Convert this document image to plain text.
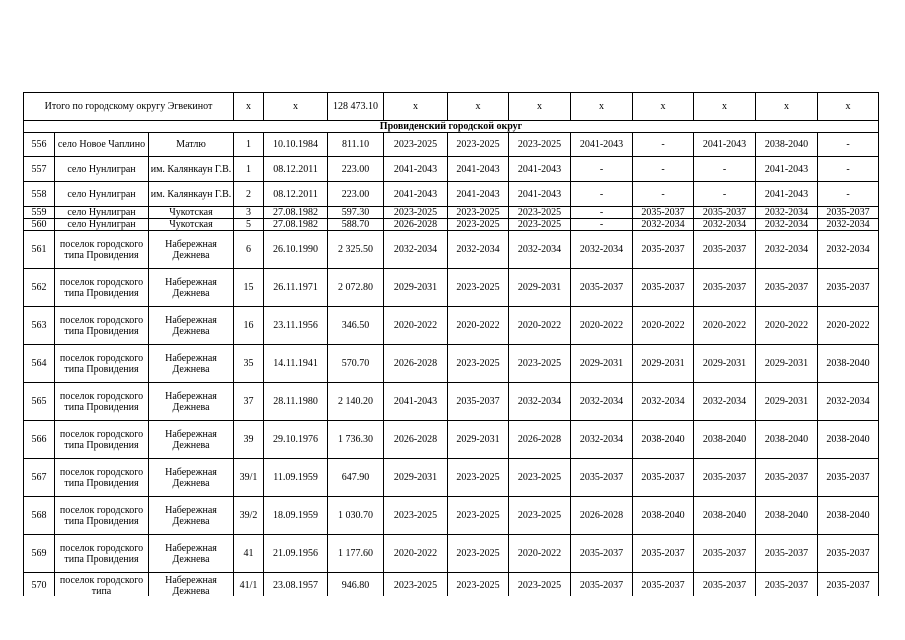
Итого по городскому округу Эгвекинот			x	x	128 473.10	x	x	x	x	x	x	x	x
Провиденский городской округ													
556	село Новое Чаплино	Матлю	1	10.10.1984	811.10	2023-2025	2023-2025	2023-2025	2041-2043	-	2041-2043	2038-2040	-
557	село Нунлигран	им. Калянкаун Г.В.	1	08.12.2011	223.00	2041-2043	2041-2043	2041-2043	-	-	-	2041-2043	-
558	село Нунлигран	им. Калянкаун Г.В.	2	08.12.2011	223.00	2041-2043	2041-2043	2041-2043	-	-	-	2041-2043	-
559	село Нунлигран	Чукотская	3	27.08.1982	597.30	2023-2025	2023-2025	2023-2025	-	2035-2037	2035-2037	2032-2034	2035-2037
560	село Нунлигран	Чукотская	5	27.08.1982	588.70	2026-2028	2023-2025	2023-2025	-	2032-2034	2032-2034	2032-2034	2032-2034
561	поселок городского типа Провидения	Набережная Дежнева	6	26.10.1990	2 325.50	2032-2034	2032-2034	2032-2034	2032-2034	2035-2037	2035-2037	2032-2034	2032-2034
562	поселок городского типа Провидения	Набережная Дежнева	15	26.11.1971	2 072.80	2029-2031	2023-2025	2029-2031	2035-2037	2035-2037	2035-2037	2035-2037	2035-2037
563	поселок городского типа Провидения	Набережная Дежнева	16	23.11.1956	346.50	2020-2022	2020-2022	2020-2022	2020-2022	2020-2022	2020-2022	2020-2022	2020-2022
564	поселок городского типа Провидения	Набережная Дежнева	35	14.11.1941	570.70	2026-2028	2023-2025	2023-2025	2029-2031	2029-2031	2029-2031	2029-2031	2038-2040
565	поселок городского типа Провидения	Набережная Дежнева	37	28.11.1980	2 140.20	2041-2043	2035-2037	2032-2034	2032-2034	2032-2034	2032-2034	2029-2031	2032-2034
566	поселок городского типа Провидения	Набережная Дежнева	39	29.10.1976	1 736.30	2026-2028	2029-2031	2026-2028	2032-2034	2038-2040	2038-2040	2038-2040	2038-2040
567	поселок городского типа Провидения	Набережная Дежнева	39/1	11.09.1959	647.90	2029-2031	2023-2025	2023-2025	2035-2037	2035-2037	2035-2037	2035-2037	2035-2037
568	поселок городского типа Провидения	Набережная Дежнева	39/2	18.09.1959	1 030.70	2023-2025	2023-2025	2023-2025	2026-2028	2038-2040	2038-2040	2038-2040	2038-2040
569	поселок городского типа Провидения	Набережная Дежнева	41	21.09.1956	1 177.60	2020-2022	2023-2025	2020-2022	2035-2037	2035-2037	2035-2037	2035-2037	2035-2037
570	поселок городского типа	Набережная Дежнева	41/1	23.08.1957	946.80	2023-2025	2023-2025	2023-2025	2035-2037	2035-2037	2035-2037	2035-2037	2035-2037
